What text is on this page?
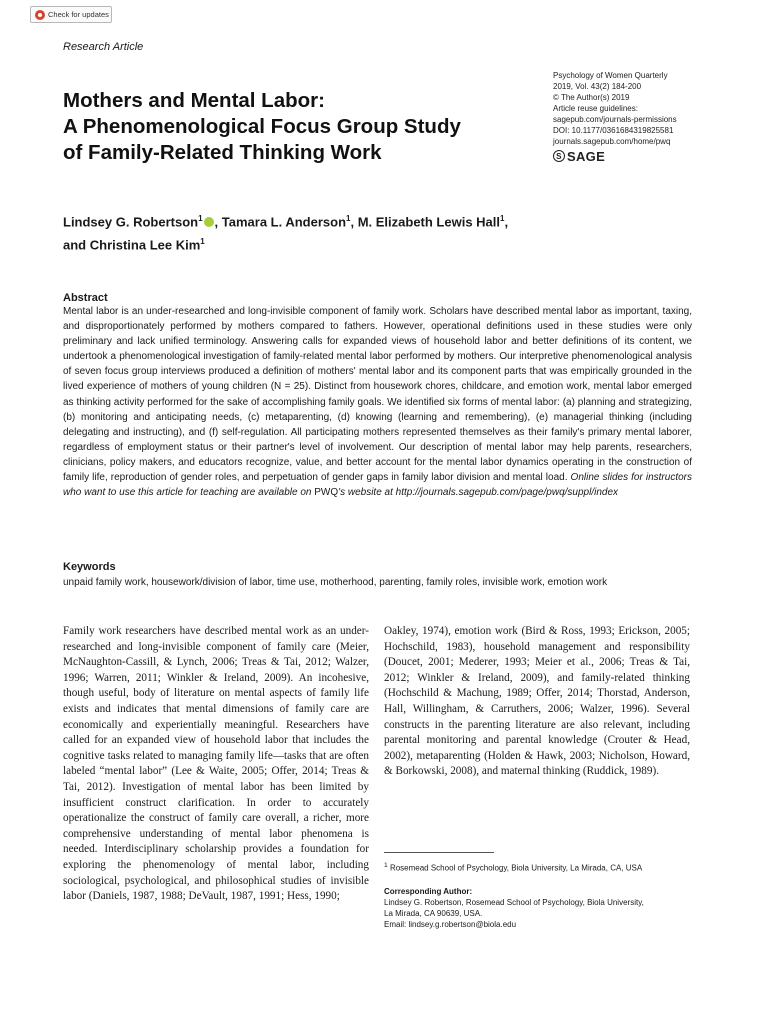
Check for updates
Research Article
Mothers and Mental Labor:
A Phenomenological Focus Group Study
of Family-Related Thinking Work
Psychology of Women Quarterly
2019, Vol. 43(2) 184-200
© The Author(s) 2019
Article reuse guidelines:
sagepub.com/journals-permissions
DOI: 10.1177/0361684319825581
journals.sagepub.com/home/pwq
S SAGE
Lindsey G. Robertson$^1$ , Tamara L. Anderson$^1$, M. Elizabeth Lewis Hall$^1$,
and Christina Lee Kim$^1$
Abstract

Mental labor is an under-researched and long-invisible component of family work. Scholars have described mental labor as important, taxing, and disproportionately performed by mothers compared to fathers. However, operational definitions used in these studies were only preliminary and lack unified terminology. Answering calls for expanded views of household labor and better definitions of its content, we undertook a phenomenological investigation of family-related mental labor performed by mothers. Our interpretive phenomenological analysis of seven focus group interviews produced a definition of mothers' mental labor and its component parts that was empirically grounded in the lived experience of mothers of young children (N = 25). Distinct from housework chores, childcare, and emotion work, mental labor emerged as thinking activity performed for the sake of accomplishing family goals. We identified six forms of mental labor: (a) planning and strategizing, (b) monitoring and anticipating needs, (c) metaparenting, (d) knowing (learning and remembering), (e) managerial thinking (including delegating and instructing), and (f) self-regulation. All participating mothers represented themselves as their family's primary mental laborer, regardless of employment status or their partner's level of involvement. Our description of mental labor may help parents, researchers, clinicians, policy makers, and educators recognize, value, and better account for the mental labor dynamics operating in the construction of family life, reproduction of gender roles, and perpetuation of gender gaps in family labor division and mental load. Online slides for instructors who want to use this article for teaching are available on PWQ's website at http://journals.sagepub.com/page/pwq/suppl/index

Keywords
unpaid family work, housework/division of labor, time use, motherhood, parenting, family roles, invisible work, emotion work

Family work researchers have described mental work as an under-researched and long-invisible component of family care (Meier, McNaughton-Cassill, & Lynch, 2006; Treas & Tai, 2012; Walzer, 1996; Warren, 2011; Winkler & Ireland, 2009). An incohesive, though useful, body of literature on mental aspects of family life exists and indicates that mental dimensions of family care are economically and experientially meaningful. Researchers have called for an expanded view of household labor that includes the cognitive tasks related to managing family life—tasks that are often labeled “mental labor” (Lee & Waite, 2005; Offer, 2014; Treas & Tai, 2012). Investigation of mental labor has been limited by insufficient construct clarification. In order to accurately operationalize the construct of family care overall, a richer, more comprehensive understanding of mental labor phenomena is needed. Interdisciplinary scholarship provides a foundation for exploring the phenomenology of mental labor, including sociological, psychological, and philosophical studies of invisible labor (Daniels, 1987, 1988; DeVault, 1987, 1991; Hess, 1990;

Oakley, 1974), emotion work (Bird & Ross, 1993; Erickson, 2005; Hochschild, 1983), household management and responsibility (Doucet, 2001; Mederer, 1993; Meier et al., 2006; Treas & Tai, 2012; Winkler & Ireland, 2009), and family-related thinking (Hochschild & Machung, 1989; Offer, 2014; Thorstad, Anderson, Hall, Willingham, & Carruthers, 2006; Walzer, 1996). Several constructs in the parenting literature are also relevant, including parental monitoring and parental knowledge (Crouter & Head, 2002), metaparenting (Holden & Hawk, 2003; Nicholson, Howard, & Borkowski, 2008), and maternal thinking (Ruddick, 1989).

$^1$ Rosemead School of Psychology, Biola University, La Mirada, CA, USA
Corresponding Author:
Lindsey G. Robertson, Rosemead School of Psychology, Biola University,
La Mirada, CA 90639, USA.
Email: lindsey.g.robertson@biola.edu
